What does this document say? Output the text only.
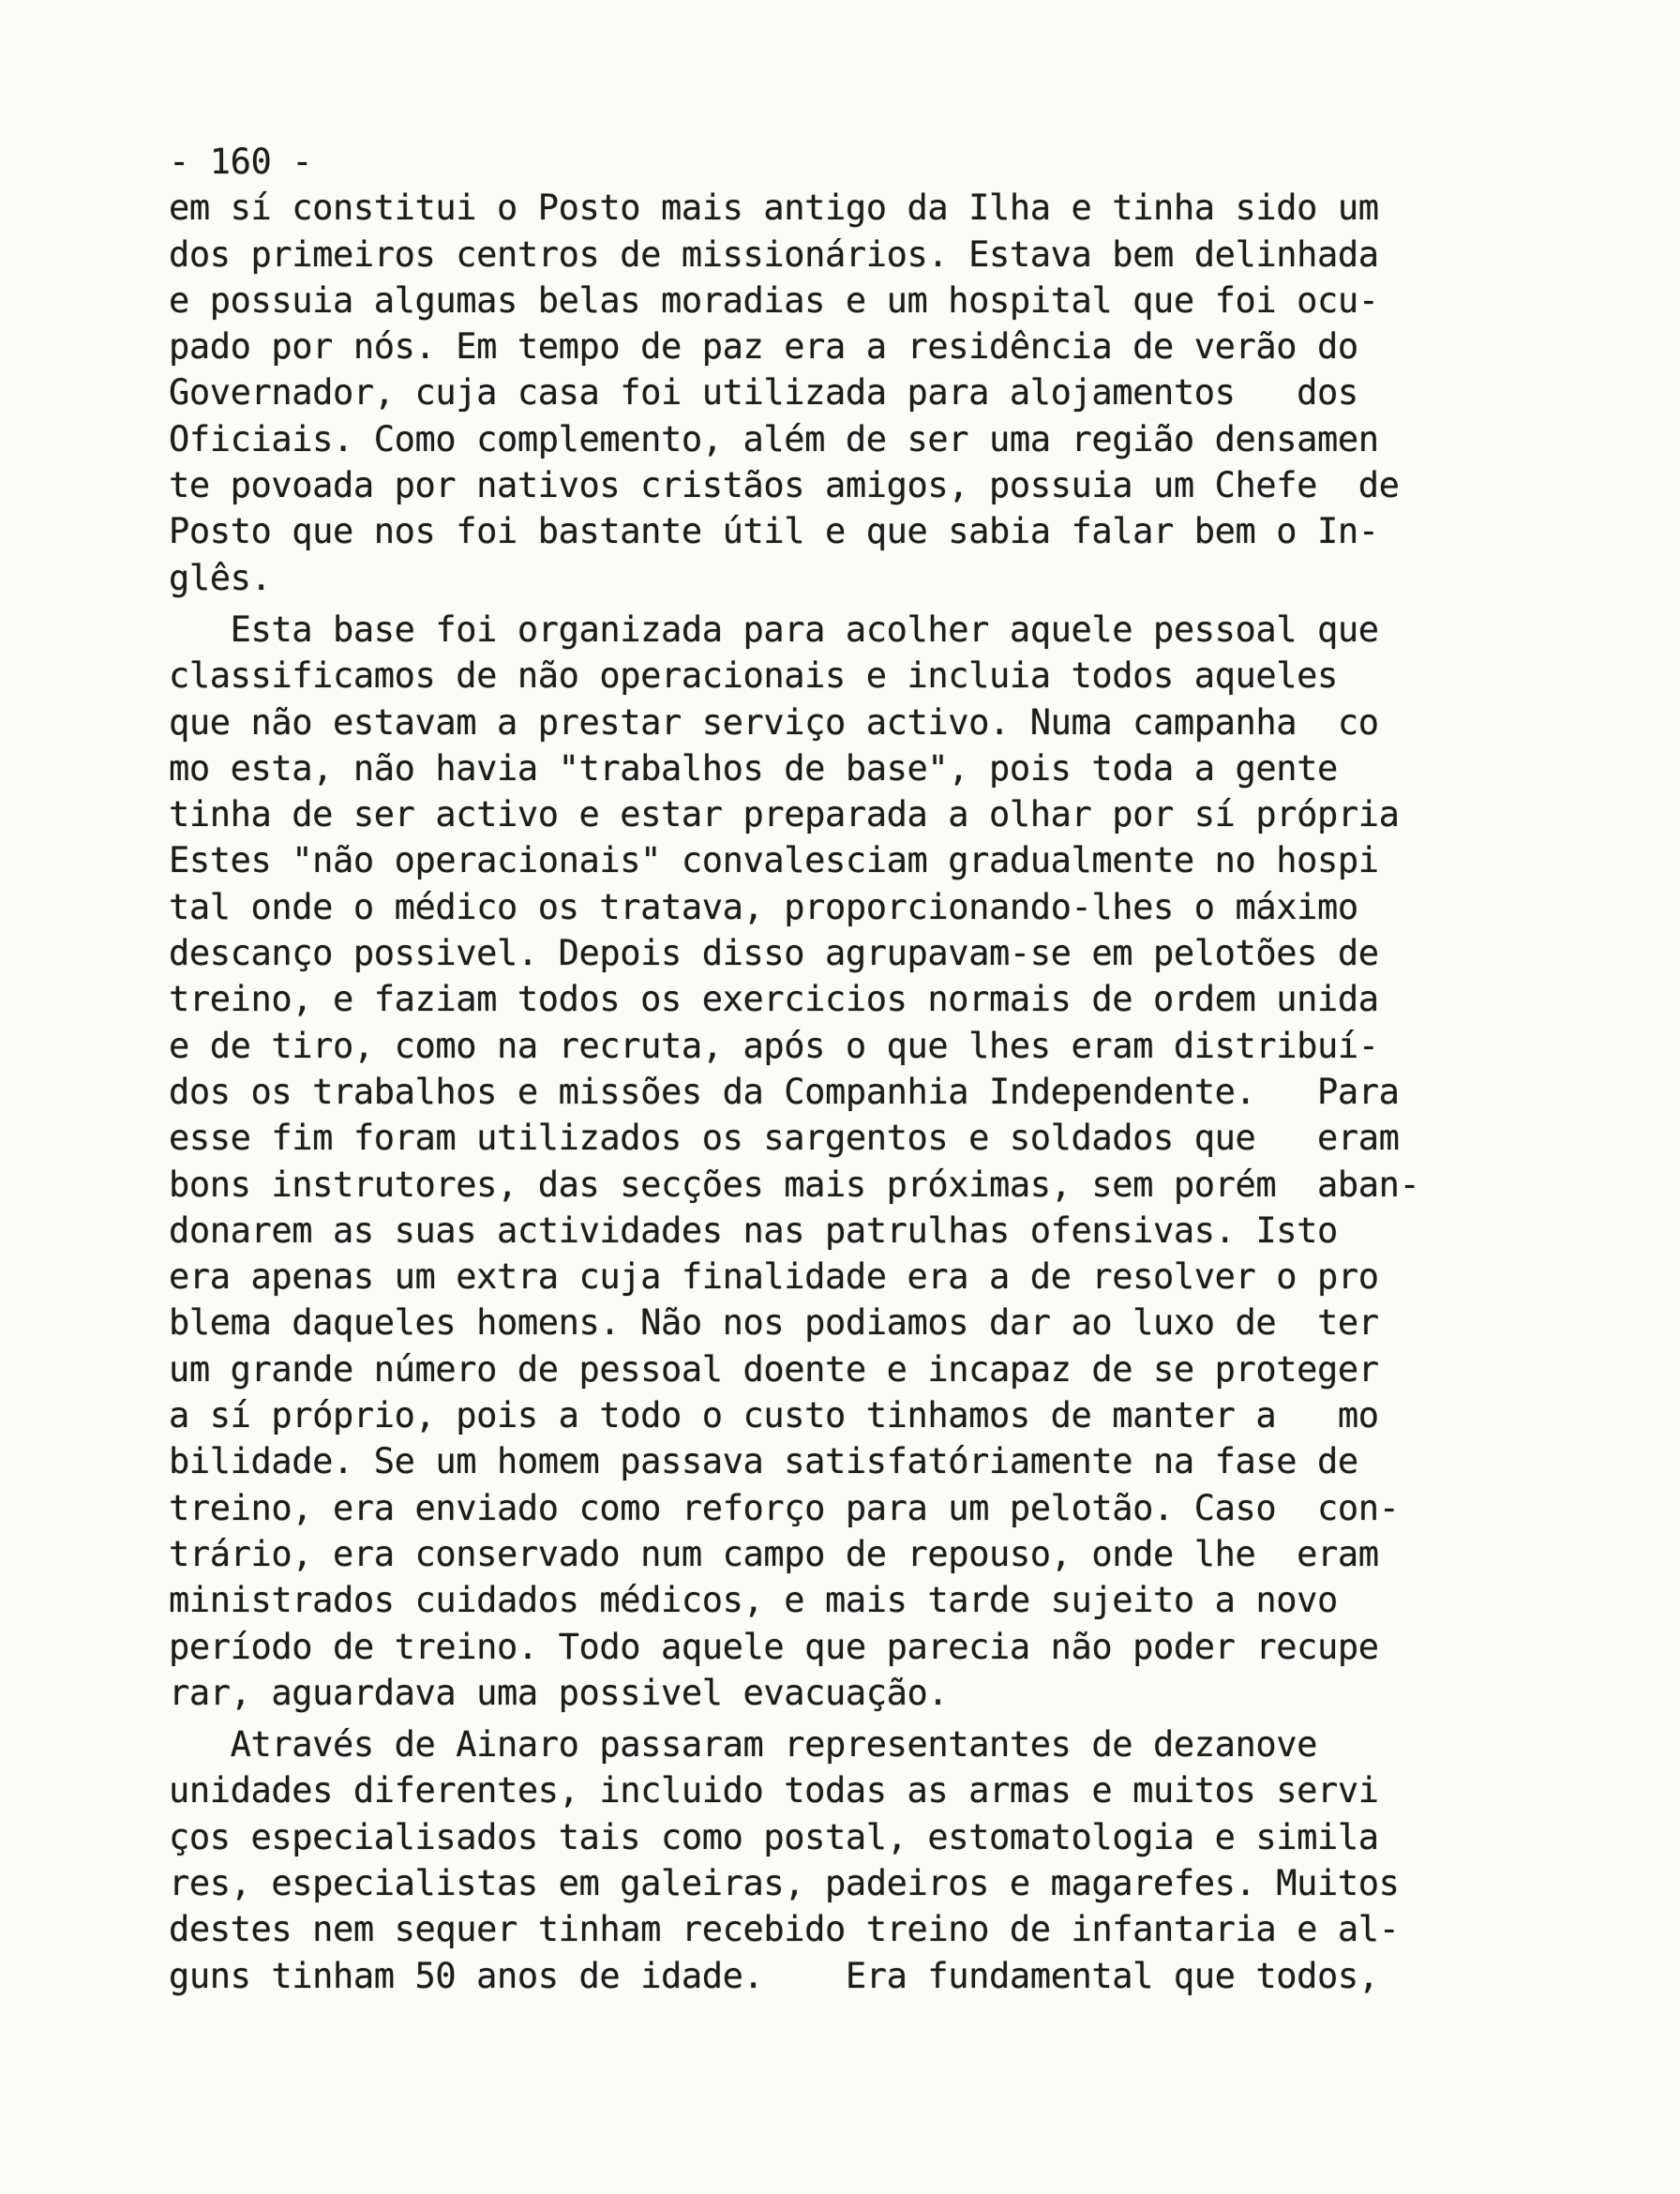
- 160 -
em sí constitui o Posto mais antigo da Ilha e tinha sido um
dos primeiros centros de missionários. Estava bem delinhada
e possuia algumas belas moradias e um hospital que foi ocu-
pado por nós. Em tempo de paz era a residência de verão do
Governador, cuja casa foi utilizada para alojamentos   dos
Oficiais. Como complemento, além de ser uma região densamen
te povoada por nativos cristãos amigos, possuia um Chefe  de
Posto que nos foi bastante útil e que sabia falar bem o In-
glês.
Esta base foi organizada para acolher aquele pessoal que
classificamos de não operacionais e incluia todos aqueles
que não estavam a prestar serviço activo. Numa campanha  co
mo esta, não havia "trabalhos de base", pois toda a gente
tinha de ser activo e estar preparada a olhar por sí própria
Estes "não operacionais" convalesciam gradualmente no hospi
tal onde o médico os tratava, proporcionando-lhes o máximo
descanço possivel. Depois disso agrupavam-se em pelotões de
treino, e faziam todos os exercicios normais de ordem unida
e de tiro, como na recruta, após o que lhes eram distribuí-
dos os trabalhos e missões da Companhia Independente.   Para
esse fim foram utilizados os sargentos e soldados que   eram
bons instrutores, das secções mais próximas, sem porém  aban-
donarem as suas actividades nas patrulhas ofensivas. Isto
era apenas um extra cuja finalidade era a de resolver o pro
blema daqueles homens. Não nos podiamos dar ao luxo de  ter
um grande número de pessoal doente e incapaz de se proteger
a sí próprio, pois a todo o custo tinhamos de manter a   mo
bilidade. Se um homem passava satisfatóriamente na fase de
treino, era enviado como reforço para um pelotão. Caso  con-
trário, era conservado num campo de repouso, onde lhe  eram
ministrados cuidados médicos, e mais tarde sujeito a novo
período de treino. Todo aquele que parecia não poder recupe
rar, aguardava uma possivel evacuação.
Através de Ainaro passaram representantes de dezanove
unidades diferentes, incluido todas as armas e muitos servi
ços especialisados tais como postal, estomatologia e simila
res, especialistas em galeiras, padeiros e magarefes. Muitos
destes nem sequer tinham recebido treino de infantaria e al-
guns tinham 50 anos de idade.    Era fundamental que todos,
